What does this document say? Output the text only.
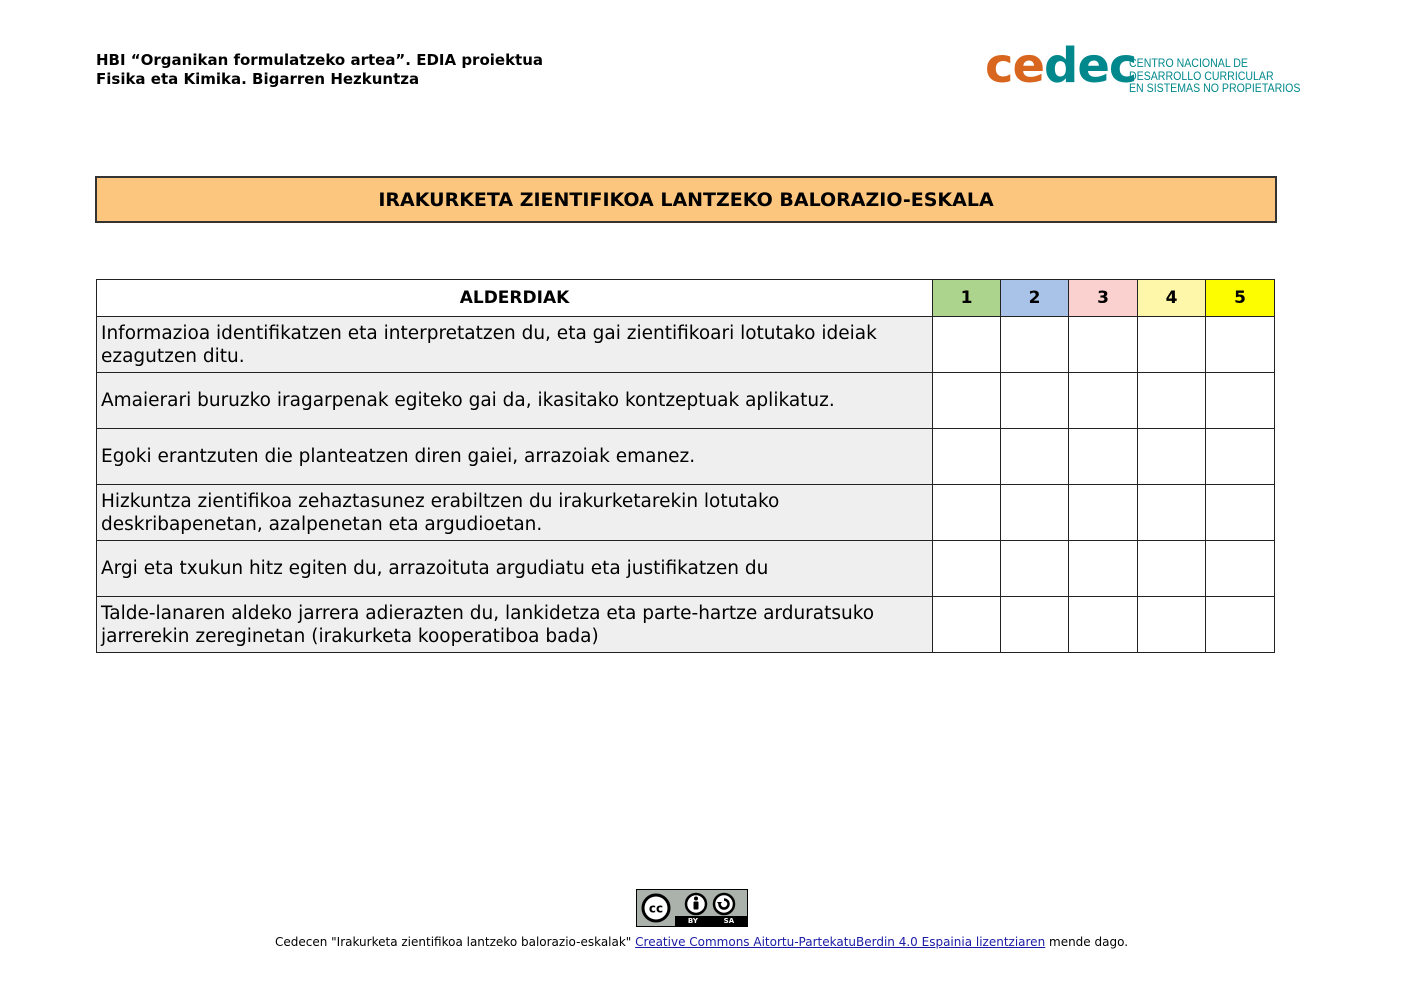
HBI “Organikan formulatzeko artea”. EDIA proiektua
Fisika eta Kimika. Bigarren Hezkuntza	cedec
CENTRO NACIONAL DE
DESARROLLO CURRICULAR
EN SISTEMAS NO PROPIETARIOS
IRAKURKETA ZIENTIFIKOA LANTZEKO BALORAZIO-ESKALA
ALDERDIAK	1	2	3	4	5
Informazioa identifikatzen eta interpretatzen du, eta gai zientifikoari lotutako ideiak ezagutzen ditu.					
Amaierari buruzko iragarpenak egiteko gai da, ikasitako kontzeptuak aplikatuz.					
Egoki erantzuten die planteatzen diren gaiei, arrazoiak emanez.					
Hizkuntza zientifikoa zehaztasunez erabiltzen du irakurketarekin lotutako deskribapenetan, azalpenetan eta argudioetan.					
Argi eta txukun hitz egiten du, arrazoituta argudiatu eta justifikatzen du					
Talde-lanaren aldeko jarrera adierazten du, lankidetza eta parte-hartze arduratsuko jarrerekin zereginetan (irakurketa kooperatiboa bada)					
cc
BY	SA
Cedecen "Irakurketa zientifikoa lantzeko balorazio-eskalak" Creative Commons Aitortu-PartekatuBerdin 4.0 Espainia lizentziaren mende dago.
